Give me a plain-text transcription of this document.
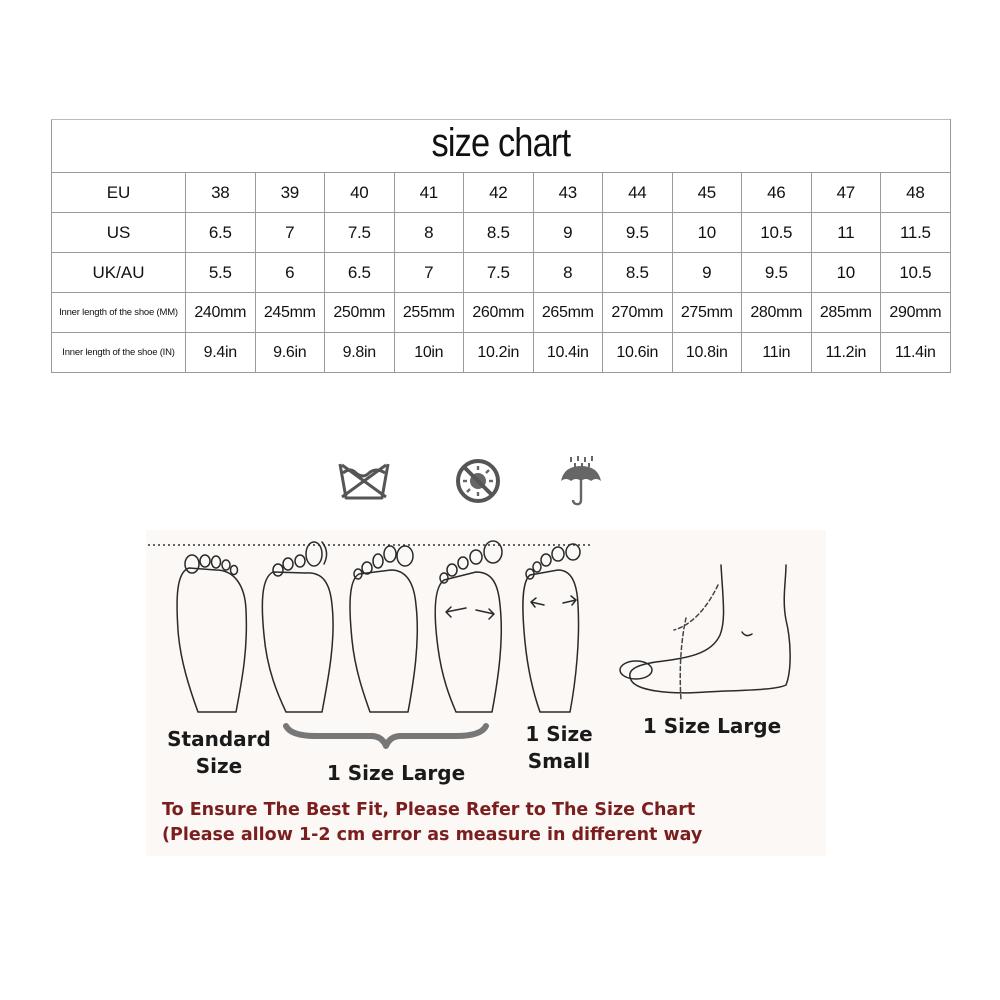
size chart											

EU	38	39	40	41	42	43	44	45	46	47	48
US	6.5	7	7.5	8	8.5	9	9.5	10	10.5	11	11.5
UK/AU	5.5	6	6.5	7	7.5	8	8.5	9	9.5	10	10.5
Inner length of the shoe (MM)	240mm	245mm	250mm	255mm	260mm	265mm	270mm	275mm	280mm	285mm	290mm
Inner length of the shoe (IN)	9.4in	9.6in	9.8in	10in	10.2in	10.4in	10.6in	10.8in	11in	11.2in	11.4in

Standard
Size	1 Size Large

1 Size
Small

1 Size Large

To Ensure The Best Fit, Please Refer to The Size Chart

(Please allow 1-2 cm error as measure in different way
